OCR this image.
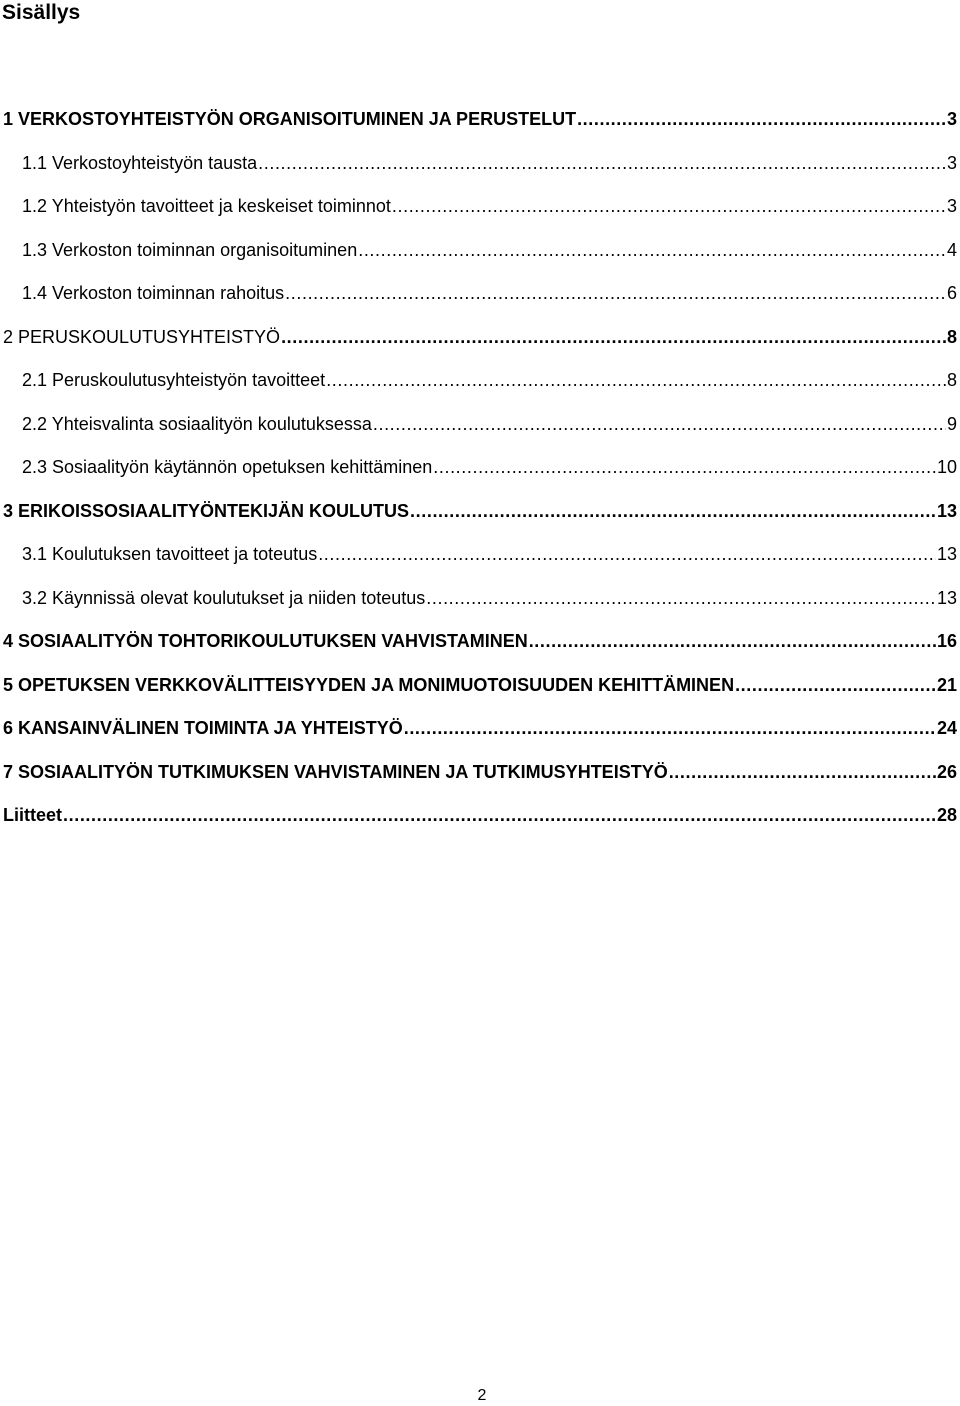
Sisällys
1 VERKOSTOYHTEISTYÖN ORGANISOITUMINEN JA PERUSTELUT .....	3
1.1 Verkostoyhteistyön tausta .....	3
1.2 Yhteistyön tavoitteet ja keskeiset toiminnot .....	3
1.3 Verkoston toiminnan organisoituminen .....	4
1.4 Verkoston toiminnan rahoitus .....	6
2 PERUSKOULUTUSYHTEISTYÖ .....	8
2.1 Peruskoulutusyhteistyön tavoitteet .....	8
2.2 Yhteisvalinta sosiaalityön koulutuksessa .....	9
2.3 Sosiaalityön käytännön opetuksen kehittäminen .....	10
3 ERIKOISSOSIAALITYÖNTEKIJÄN KOULUTUS .....	13
3.1 Koulutuksen tavoitteet ja toteutus .....	13
3.2 Käynnissä olevat koulutukset ja niiden toteutus .....	13
4 SOSIAALITYÖN TOHTORIKOULUTUKSEN VAHVISTAMINEN .....	16
5 OPETUKSEN VERKKOVÄLITTEISYYDEN JA MONIMUOTOISUUDEN KEHITTÄMINEN .....	21
6 KANSAINVÄLINEN TOIMINTA JA YHTEISTYÖ .....	24
7 SOSIAALITYÖN TUTKIMUKSEN VAHVISTAMINEN JA TUTKIMUSYHTEISTYÖ .....	26
Liitteet .....	28
2
